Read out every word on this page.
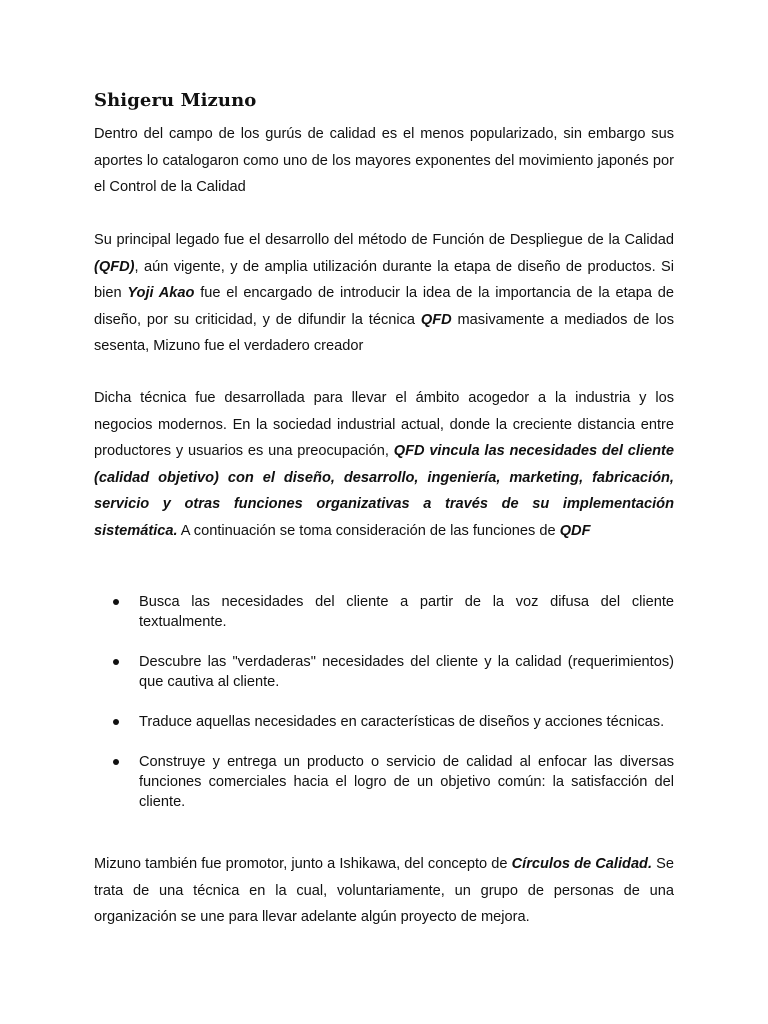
Shigeru Mizuno

Dentro del campo de los gurús de calidad es el menos popularizado, sin embargo sus aportes lo catalogaron como uno de los mayores exponentes del movimiento japonés por el Control de la Calidad

Su principal legado fue el desarrollo del método de Función de Despliegue de la Calidad (QFD), aún vigente, y de amplia utilización durante la etapa de diseño de productos. Si bien Yoji Akao fue el encargado de introducir la idea de la importancia de la etapa de diseño, por su criticidad, y de difundir la técnica QFD masivamente a mediados de los sesenta, Mizuno fue el verdadero creador

Dicha técnica fue desarrollada para llevar el ámbito acogedor a la industria y los negocios modernos. En la sociedad industrial actual, donde la creciente distancia entre productores y usuarios es una preocupación, QFD vincula las necesidades del cliente (calidad objetivo) con el diseño, desarrollo, ingeniería, marketing, fabricación, servicio y otras funciones organizativas a través de su implementación sistemática. A continuación se toma consideración de las funciones de QDF

Busca las necesidades del cliente a partir de la voz difusa del cliente textualmente.
Descubre las "verdaderas" necesidades del cliente y la calidad (requerimientos) que cautiva al cliente.
Traduce aquellas necesidades en características de diseños y acciones técnicas.
Construye y entrega un producto o servicio de calidad al enfocar las diversas funciones comerciales hacia el logro de un objetivo común: la satisfacción del cliente.

Mizuno también fue promotor, junto a Ishikawa, del concepto de Círculos de Calidad. Se trata de una técnica en la cual, voluntariamente, un grupo de personas de una organización se une para llevar adelante algún proyecto de mejora.
